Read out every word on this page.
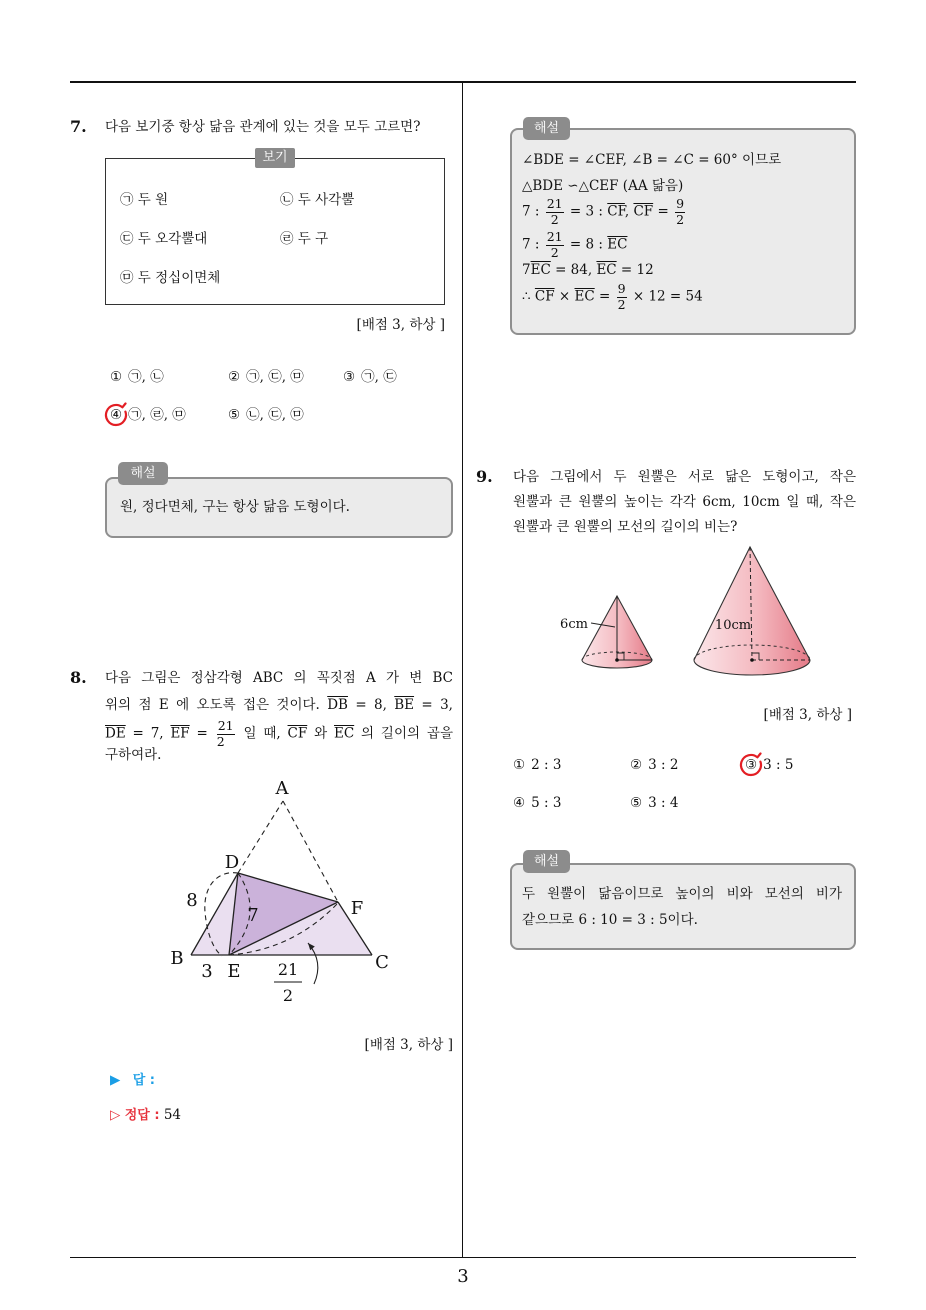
3
7. 다음 보기중 항상 닮음 관계에 있는 것을 모두 고르면?
보기
㉠ 두 원	㉡ 두 사각뿔
㉢ 두 오각뿔대	㉣ 두 구
㉤ 두 정십이면체
[배점 3, 하상 ]
① ㉠, ㉡	② ㉠, ㉢, ㉤	③ ㉠, ㉢
④ ㉠, ㉣, ㉤	⑤ ㉡, ㉢, ㉤
해설
원, 정다면체, 구는 항상 닮음 도형이다.
8. 다음 그림은 정삼각형 ABC 의 꼭짓점 A 가 변 BC
위의 점 E 에 오도록 접은 것이다. $\overline{DB} = 8$, $\overline{BE} = 3$,
$\overline{DE} = 7$, $\overline{EF} = \frac{21}{2}$ 일 때, $\overline{CF}$ 와 $\overline{EC}$ 의 길이의 곱을
구하여라.
A
D
F
B	C
E
8
7
3	21
2
[배점 3, 하상 ]
▶ 답 :
▷ 정답 : 54
해설
∠BDE = ∠CEF, ∠B = ∠C = 60° 이므로
△BDE ∽△CEF (AA 닮음)
7 : $\frac{21}{2} = 3$ : $\overline{CF}$, $\overline{CF} = \frac{9}{2}$
7 : $\frac{21}{2} = 8$ : $\overline{EC}$
$7\overline{EC} = 84$, $\overline{EC} = 12$
∴ $\overline{CF} \times \overline{EC} = \frac{9}{2} \times 12 = 54$
9. 다음 그림에서 두 원뿔은 서로 닮은 도형이고, 작은
원뿔과 큰 원뿔의 높이는 각각 6cm, 10cm 일 때, 작은
원뿔과 큰 원뿔의 모선의 길이의 비는?
6cm	10cm
[배점 3, 하상 ]
① 2 : 3	② 3 : 2	③ 3 : 5
④ 5 : 3	⑤ 3 : 4
해설
두 원뿔이 닮음이므로 높이의 비와 모선의 비가
같으므로 6 : 10 = 3 : 5이다.
